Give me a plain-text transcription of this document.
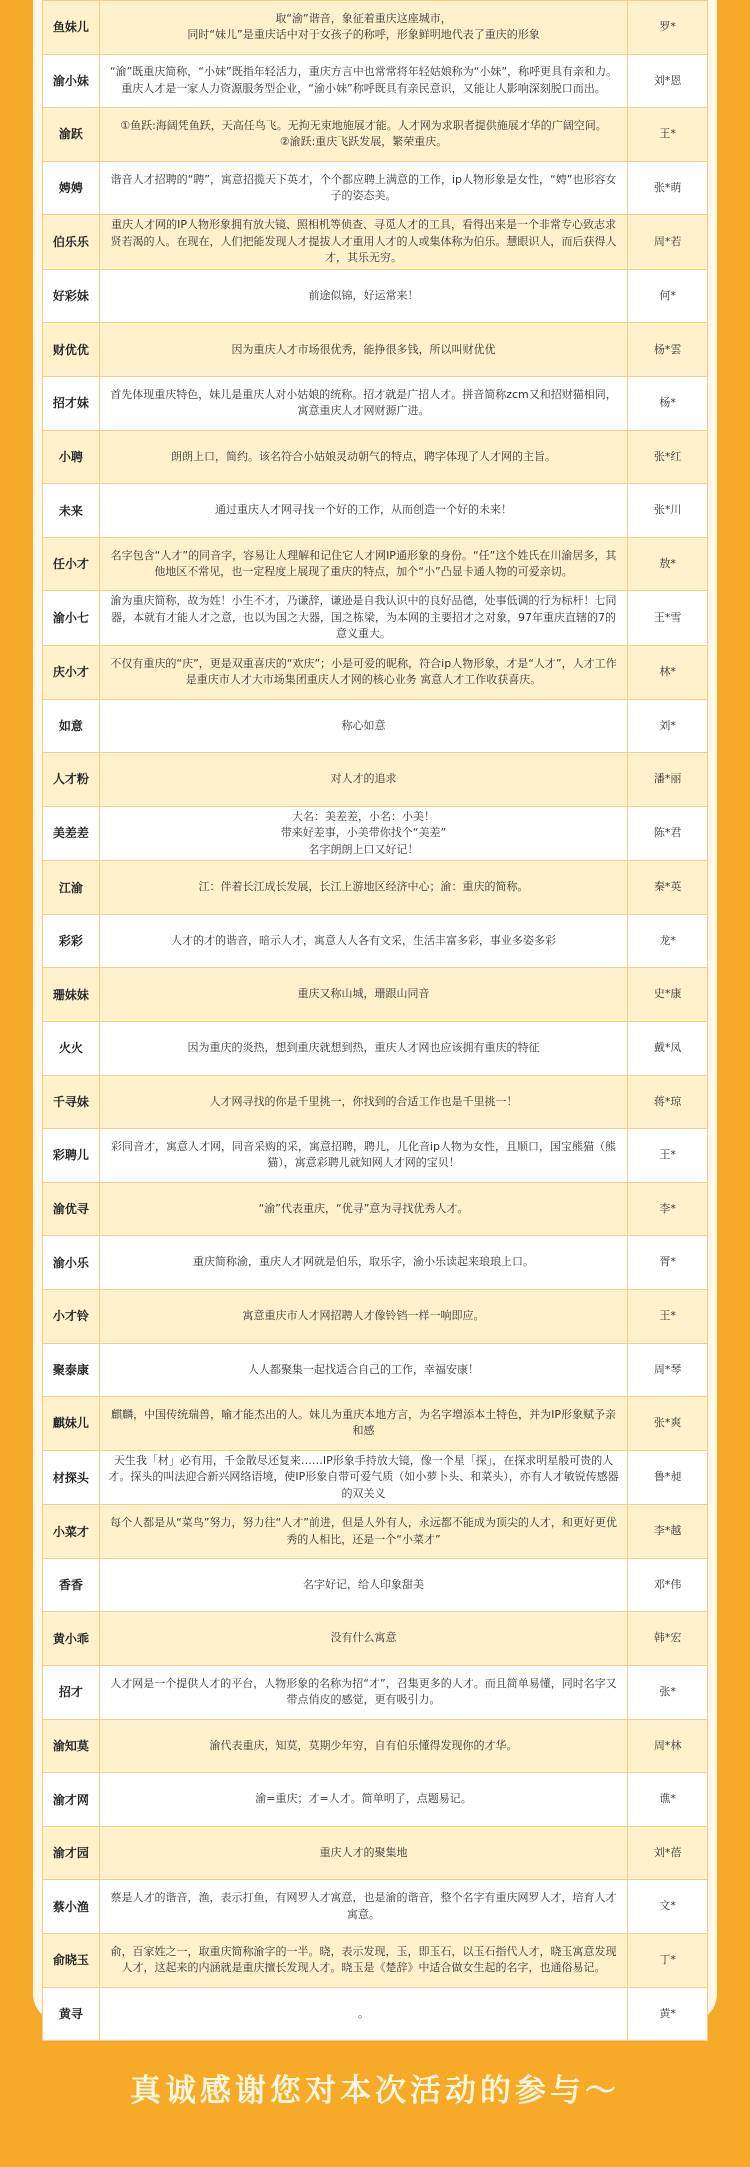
鱼妹儿	取“渝”谐音，象征着重庆这座城市，
同时“妹儿”是重庆话中对于女孩子的称呼，形象鲜明地代表了重庆的形象	罗*
渝小妹	“渝”既重庆简称，“小妹”既指年轻活力，重庆方言中也常常将年轻姑娘称为“小妹”，称呼更具有亲和力。重庆人才是一家人力资源服务型企业，“渝小妹”称呼既具有亲民意识，又能让人影响深刻脱口而出。	刘*恩
渝跃	①鱼跃:海阔凭鱼跃，天高任鸟飞。无拘无束地施展才能。人才网为求职者提供施展才华的广阔空间。
②渝跃:重庆飞跃发展，繁荣重庆。	王*
娉娉	谐音人才招聘的“聘”，寓意招揽天下英才，个个都应聘上满意的工作，ip人物形象是女性，“娉”也形容女子的姿态美。	张*萌
伯乐乐	重庆人才网的IP人物形象拥有放大镜、照相机等侦查、寻觅人才的工具，看得出来是一个非常专心致志求贤若渴的人。在现在，人们把能发现人才提拔人才重用人才的人或集体称为伯乐。慧眼识人，而后获得人才，其乐无穷。	周*若
好彩妹	前途似锦，好运常来！	何*
财优优	因为重庆人才市场很优秀，能挣很多钱，所以叫财优优	杨*雲
招才妹	首先体现重庆特色，妹儿是重庆人对小姑娘的统称。招才就是广招人才。拼音简称zcm又和招财猫相同，寓意重庆人才网财源广进。	杨*
小聘	朗朗上口，简约。该名符合小姑娘灵动朝气的特点，聘字体现了人才网的主旨。	张*红
未来	通过重庆人才网寻找一个好的工作，从而创造一个好的未来！	张*川
任小才	名字包含“人才”的同音字，容易让人理解和记住它人才网IP通形象的身份。“任”这个姓氏在川渝居多，其他地区不常见，也一定程度上展现了重庆的特点，加个“小”凸显卡通人物的可爱亲切。	敖*
渝小七	渝为重庆简称，故为姓！小生不才，乃谦辞，谦逊是自我认识中的良好品德，处事低调的行为标杆！七同器，本就有才能人才之意，也以为国之大器，国之栋梁，为本网的主要招才之对象，97年重庆直辖的7的意义重大。	王*雪
庆小才	不仅有重庆的“庆”，更是双重喜庆的“欢庆”；小是可爱的昵称，符合ip人物形象，才是“人才”，人才工作是重庆市人才大市场集团重庆人才网的核心业务 寓意人才工作收获喜庆。	林*
如意	称心如意	刘*
人才粉	对人才的追求	潘*丽
美差差	大名：美差差，小名：小美！
带来好差事，小美带你找个“美差”
名字朗朗上口又好记！	陈*君
江渝	江：伴着长江成长发展，长江上游地区经济中心；渝：重庆的简称。	秦*英
彩彩	人才的才的谐音，暗示人才，寓意人人各有文采，生活丰富多彩，事业多姿多彩	龙*
珊妹妹	重庆又称山城，珊跟山同音	史*康
火火	因为重庆的炎热，想到重庆就想到热，重庆人才网也应该拥有重庆的特征	戴*凤
千寻妹	人才网寻找的你是千里挑一，你找到的合适工作也是千里挑一！	蒋*琼
彩聘儿	彩同音才，寓意人才网，同音采购的采，寓意招聘，聘儿，儿化音ip人物为女性，且顺口，国宝熊猫（熊猫），寓意彩聘儿就知网人才网的宝贝！	王*
渝优寻	“渝”代表重庆，“优寻”意为寻找优秀人才。	李*
渝小乐	重庆简称渝，重庆人才网就是伯乐，取乐字，渝小乐读起来琅琅上口。	胥*
小才铃	寓意重庆市人才网招聘人才像铃铛一样一响即应。	王*
聚泰康	人人都聚集一起找适合自己的工作，幸福安康！	周*琴
麒妹儿	麒麟，中国传统瑞兽，喻才能杰出的人。妹儿为重庆本地方言，为名字增添本土特色，并为IP形象赋予亲和感	张*爽
材探头	天生我「材」必有用，千金散尽还复来……IP形象手持放大镜，像一个星「探」，在探求明星般可贵的人才。探头的叫法迎合新兴网络语境，使IP形象自带可爱气质（如小萝卜头、和菜头），亦有人才敏锐传感器的双关义	鲁*昶
小菜才	每个人都是从“菜鸟”努力，努力往“人才”前进，但是人外有人，永远都不能成为顶尖的人才，和更好更优秀的人相比，还是一个“小菜才”	李*越
香香	名字好记，给人印象甜美	邓*伟
黄小乖	没有什么寓意	韩*宏
招才	人才网是一个提供人才的平台，人物形象的名称为招“才”，召集更多的人才。而且简单易懂，同时名字又带点俏皮的感觉，更有吸引力。	张*
渝知莫	渝代表重庆，知莫，莫期少年穷，自有伯乐懂得发现你的才华。	周*林
渝才网	渝=重庆；才=人才。简单明了，点题易记。	谯*
渝才园	重庆人才的聚集地	刘*蓓
蔡小渔	蔡是人才的谐音，渔，表示打鱼，有网罗人才寓意，也是渝的谐音，整个名字有重庆网罗人才，培育人才寓意。	文*
俞晓玉	俞，百家姓之一，取重庆简称渝字的一半。晓，表示发现，玉，即玉石，以玉石指代人才，晓玉寓意发现人才，这起来的内涵就是重庆擅长发现人才。晓玉是《楚辞》中适合做女生起的名字，也通俗易记。	丁*
黄寻	。	黄*
真诚感谢您对本次活动的参与～
